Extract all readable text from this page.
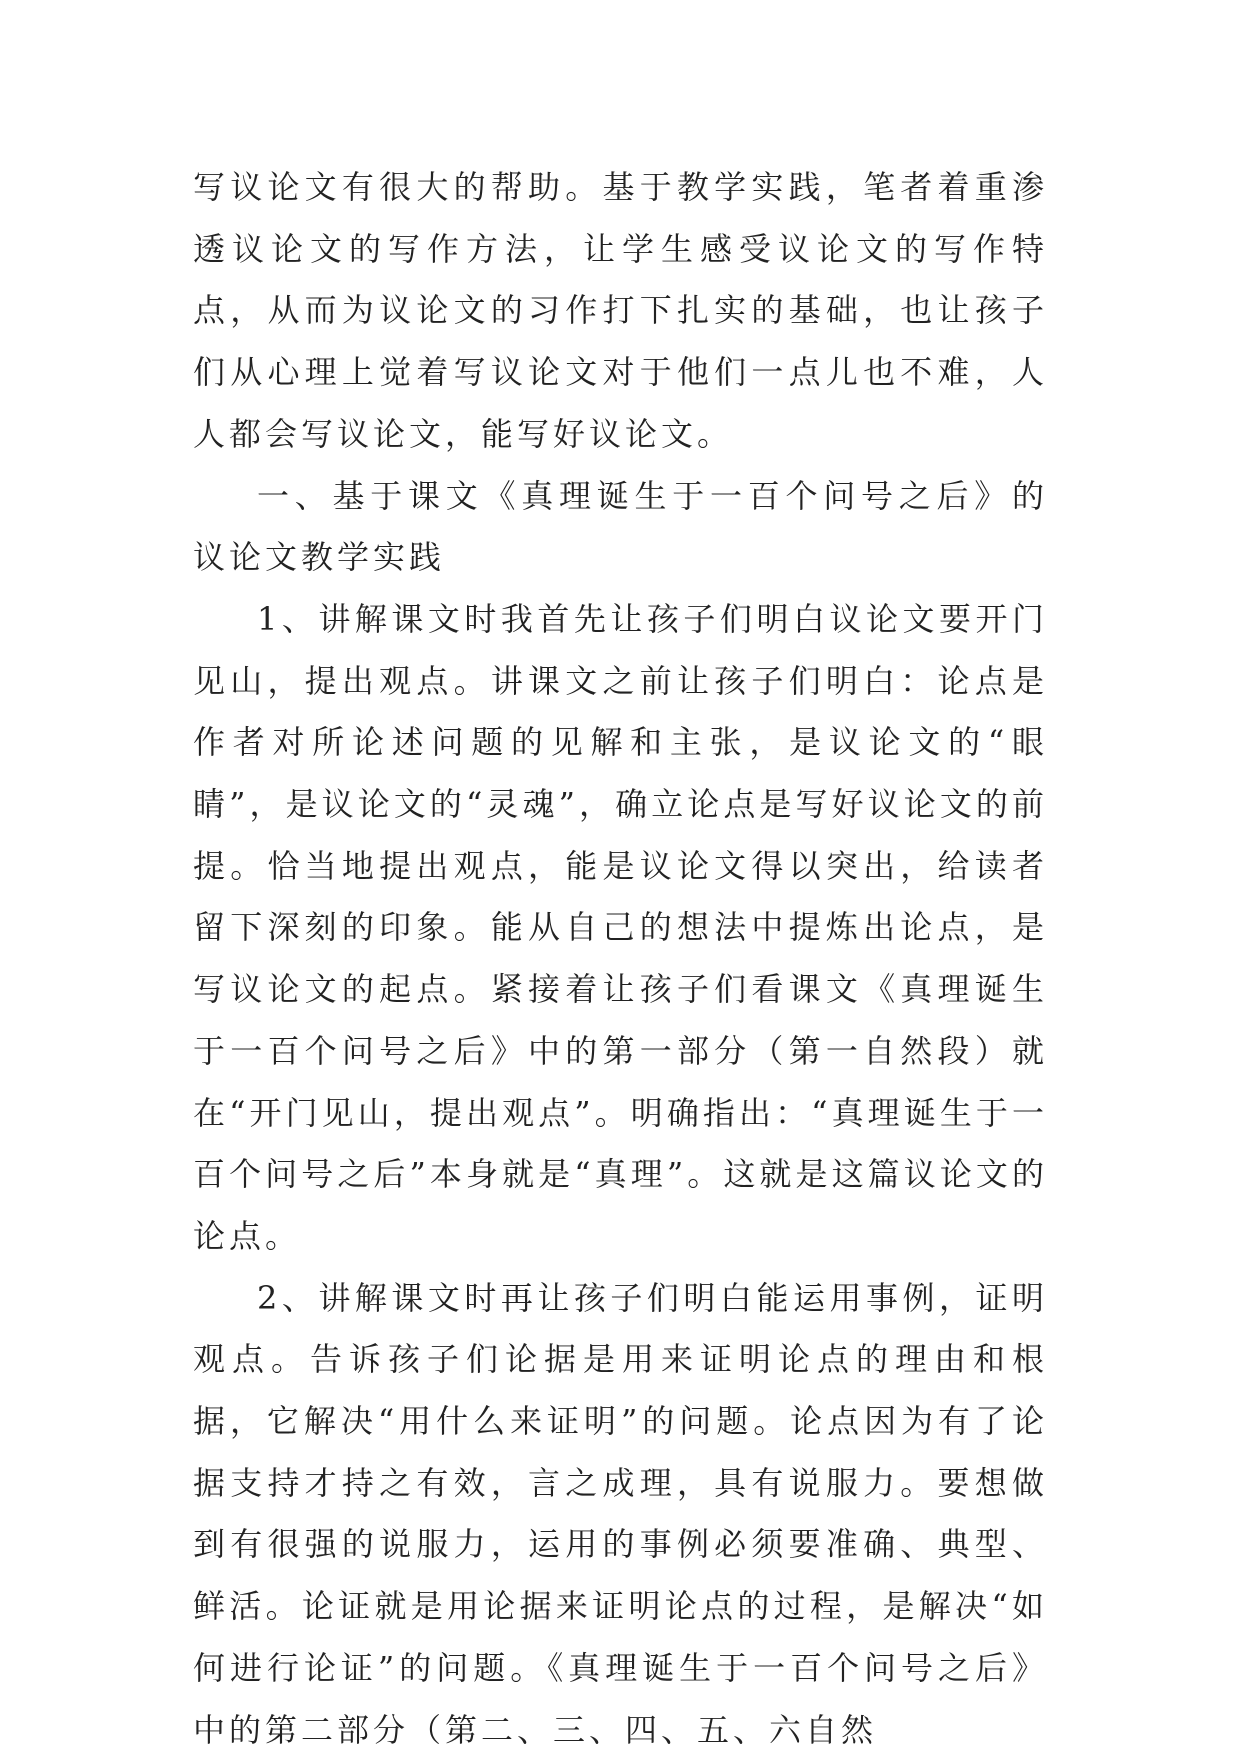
写议论文有很大的帮助。基于教学实践，笔者着重渗透议论文的写作方法，让学生感受议论文的写作特点，从而为议论文的习作打下扎实的基础，也让孩子们从心理上觉着写议论文对于他们一点儿也不难，人人都会写议论文，能写好议论文。

一、基于课文《真理诞生于一百个问号之后》的议论文教学实践

1、讲解课文时我首先让孩子们明白议论文要开门见山，提出观点。讲课文之前让孩子们明白：论点是作者对所论述问题的见解和主张，是议论文的“眼睛”，是议论文的“灵魂”，确立论点是写好议论文的前提。恰当地提出观点，能是议论文得以突出，给读者留下深刻的印象。能从自己的想法中提炼出论点，是写议论文的起点。紧接着让孩子们看课文《真理诞生于一百个问号之后》中的第一部分（第一自然段）就在“开门见山，提出观点”。明确指出：“真理诞生于一百个问号之后”本身就是“真理”。这就是这篇议论文的论点。

2、讲解课文时再让孩子们明白能运用事例，证明观点。告诉孩子们论据是用来证明论点的理由和根据，它解决“用什么来证明”的问题。论点因为有了论据支持才持之有效，言之成理，具有说服力。要想做到有很强的说服力，运用的事例必须要准确、典型、鲜活。论证就是用论据来证明论点的过程，是解决“如何进行论证”的问题。《真理诞生于一百个问号之后》中的第二部分（第二、三、四、五、六自然
